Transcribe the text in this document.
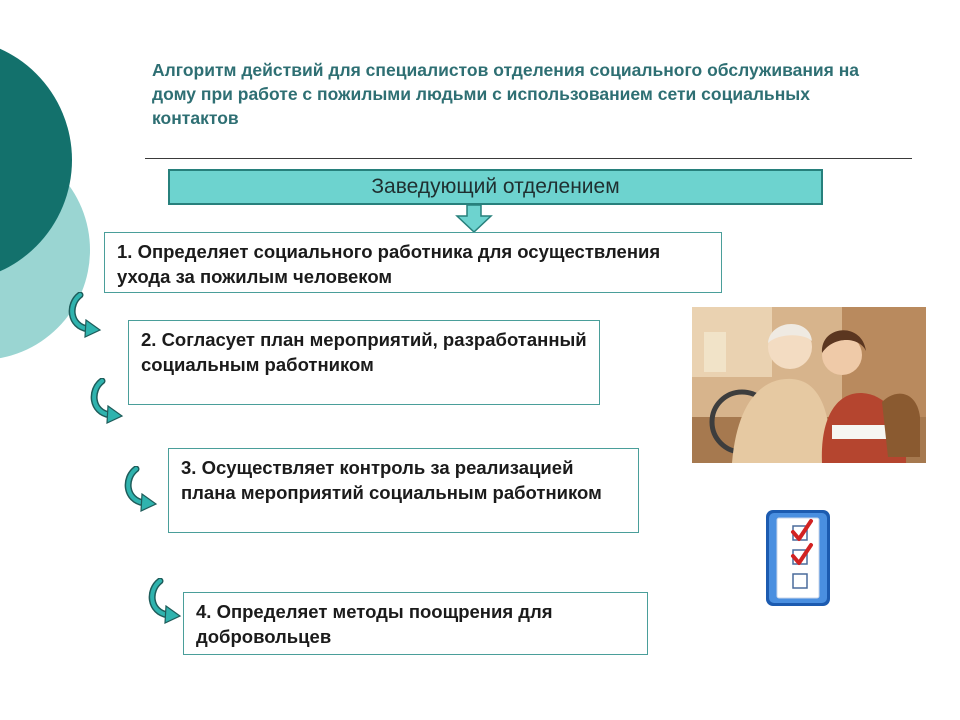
Алгоритм действий для специалистов отделения социального обслуживания на дому при работе с пожилыми людьми с использованием сети социальных контактов
Заведующий отделением
1. Определяет социального работника для осуществления ухода за пожилым человеком
2. Согласует план мероприятий, разработанный социальным работником
3. Осуществляет контроль за реализацией плана мероприятий социальным работником
4. Определяет методы поощрения для добровольцев
